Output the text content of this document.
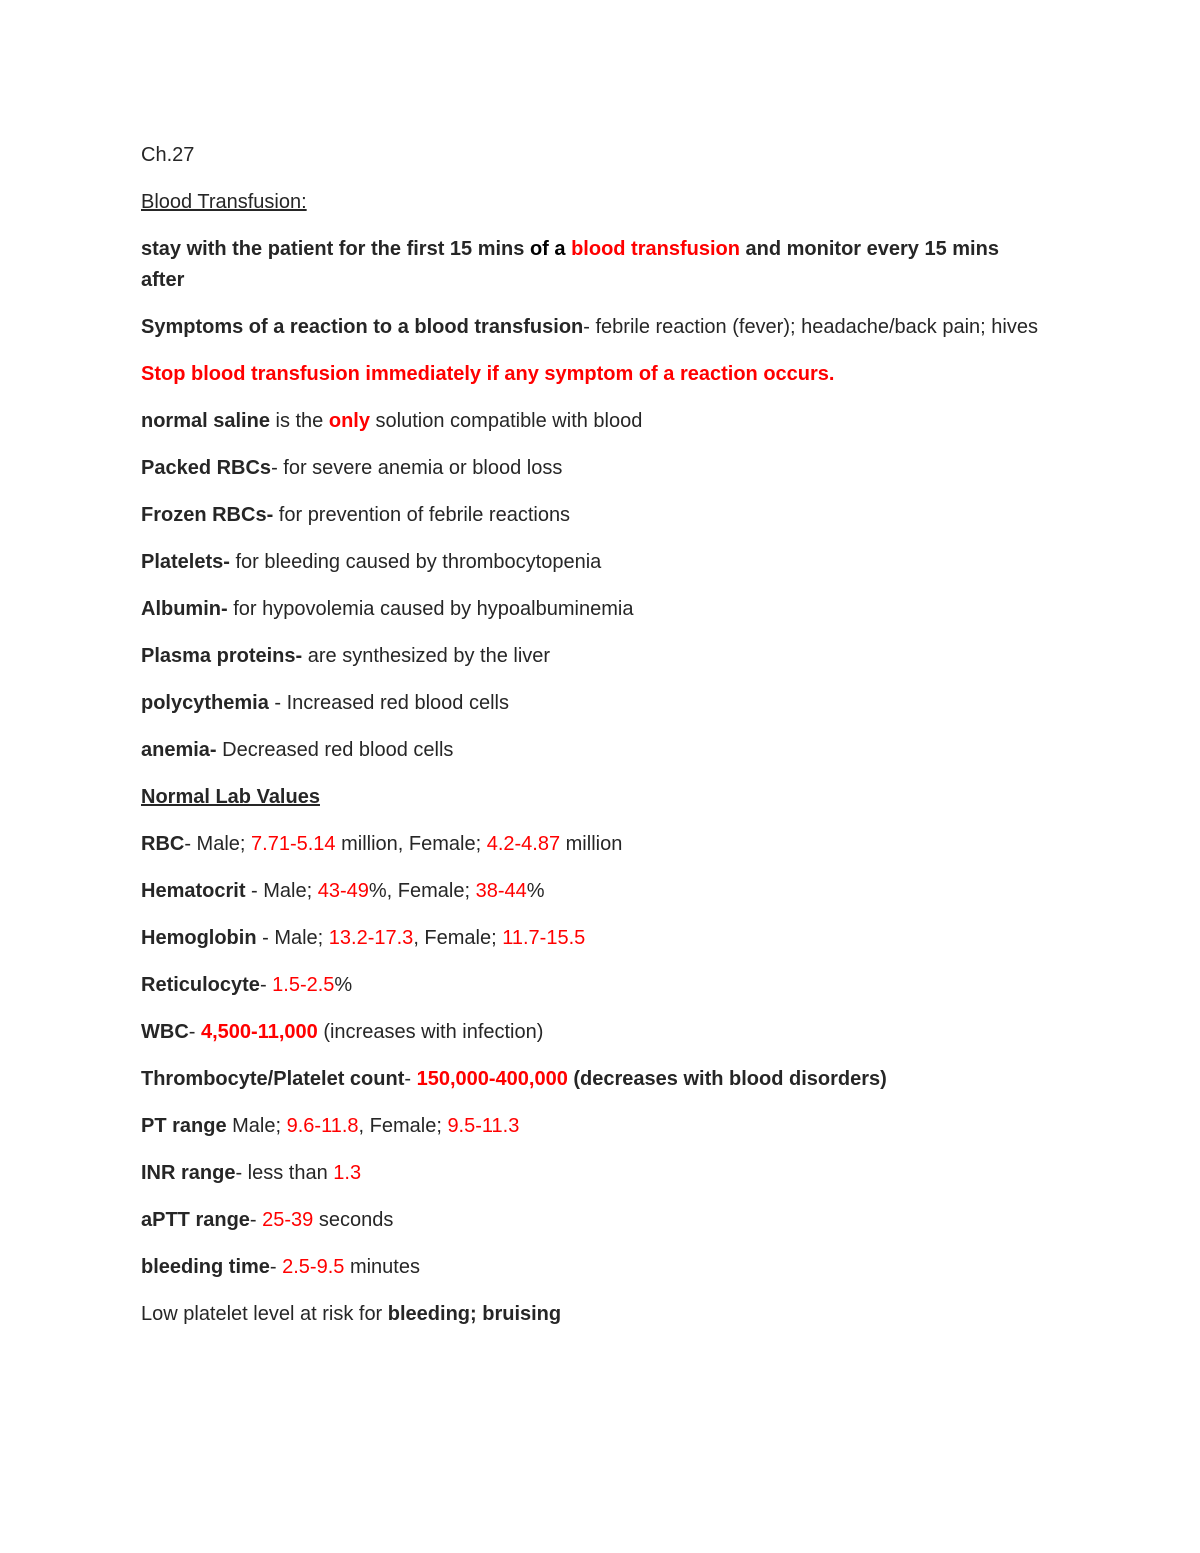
Ch.27

Blood Transfusion:

stay with the patient for the first 15 mins of a blood transfusion and monitor every 15 mins after

Symptoms of a reaction to a blood transfusion- febrile reaction (fever); headache/back pain; hives

Stop blood transfusion immediately if any symptom of a reaction occurs.

normal saline is the only solution compatible with blood

Packed RBCs- for severe anemia or blood loss

Frozen RBCs- for prevention of febrile reactions

Platelets- for bleeding caused by thrombocytopenia

Albumin- for hypovolemia caused by hypoalbuminemia

Plasma proteins- are synthesized by the liver

polycythemia - Increased red blood cells

anemia- Decreased red blood cells

Normal Lab Values

RBC- Male; 7.71-5.14 million, Female; 4.2-4.87 million

Hematocrit - Male; 43-49%, Female; 38-44%

Hemoglobin - Male; 13.2-17.3, Female; 11.7-15.5

Reticulocyte- 1.5-2.5%

WBC- 4,500-11,000 (increases with infection)

Thrombocyte/Platelet count- 150,000-400,000 (decreases with blood disorders)

PT range Male; 9.6-11.8, Female; 9.5-11.3

INR range- less than 1.3

aPTT range- 25-39 seconds

bleeding time- 2.5-9.5 minutes

Low platelet level at risk for bleeding; bruising
